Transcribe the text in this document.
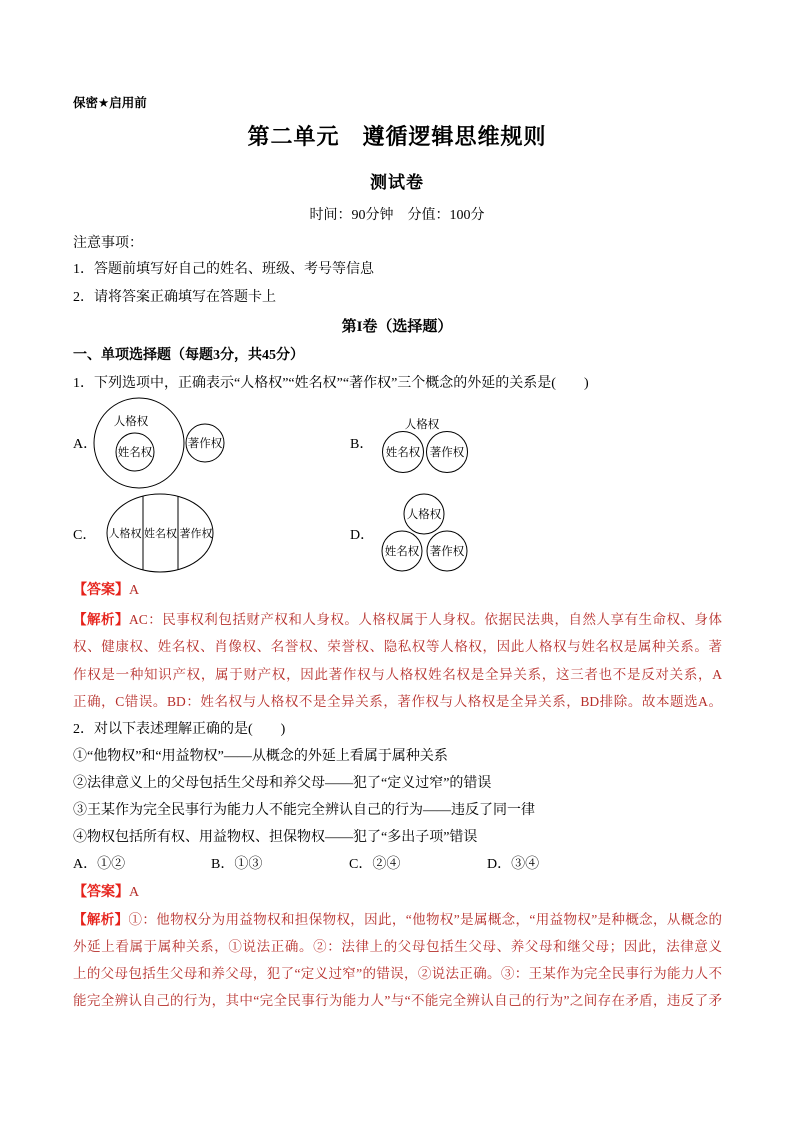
保密★启用前
第二单元　遵循逻辑思维规则
测试卷
时间：90分钟　分值：100分
注意事项：
1．答题前填写好自己的姓名、班级、考号等信息
2．请将答案正确填写在答题卡上
第I卷（选择题）
一、单项选择题（每题3分，共45分）
1．下列选项中，正确表示“人格权”“姓名权”“著作权”三个概念的外延的关系是(　　)
A．
人格权
姓名权
著作权	B．
人格权
姓名权 著作权
C． 人格权 姓名权 著作权	D．
人格权
姓名权 著作权
【答案】A
【解析】AC：民事权利包括财产权和人身权。人格权属于人身权。依据民法典，自然人享有生命权、身体
权、健康权、姓名权、肖像权、名誉权、荣誉权、隐私权等人格权，因此人格权与姓名权是属种关系。著
作权是一种知识产权，属于财产权，因此著作权与人格权姓名权是全异关系，这三者也不是反对关系，A
正确，C错误。BD：姓名权与人格权不是全异关系，著作权与人格权是全异关系，BD排除。故本题选A。
2．对以下表述理解正确的是(　　)
①“他物权”和“用益物权”——从概念的外延上看属于属种关系
②法律意义上的父母包括生父母和养父母——犯了“定义过窄”的错误
③王某作为完全民事行为能力人不能完全辨认自己的行为——违反了同一律
④物权包括所有权、用益物权、担保物权——犯了“多出子项”错误
A．①②	B．①③	C．②④	D．③④
【答案】A
【解析】①：他物权分为用益物权和担保物权，因此，“他物权”是属概念，“用益物权”是种概念，从概念的
外延上看属于属种关系，①说法正确。②：法律上的父母包括生父母、养父母和继父母；因此，法律意义
上的父母包括生父母和养父母，犯了“定义过窄”的错误，②说法正确。③：王某作为完全民事行为能力人不
能完全辨认自己的行为，其中“完全民事行为能力人”与“不能完全辨认自己的行为”之间存在矛盾，违反了矛
